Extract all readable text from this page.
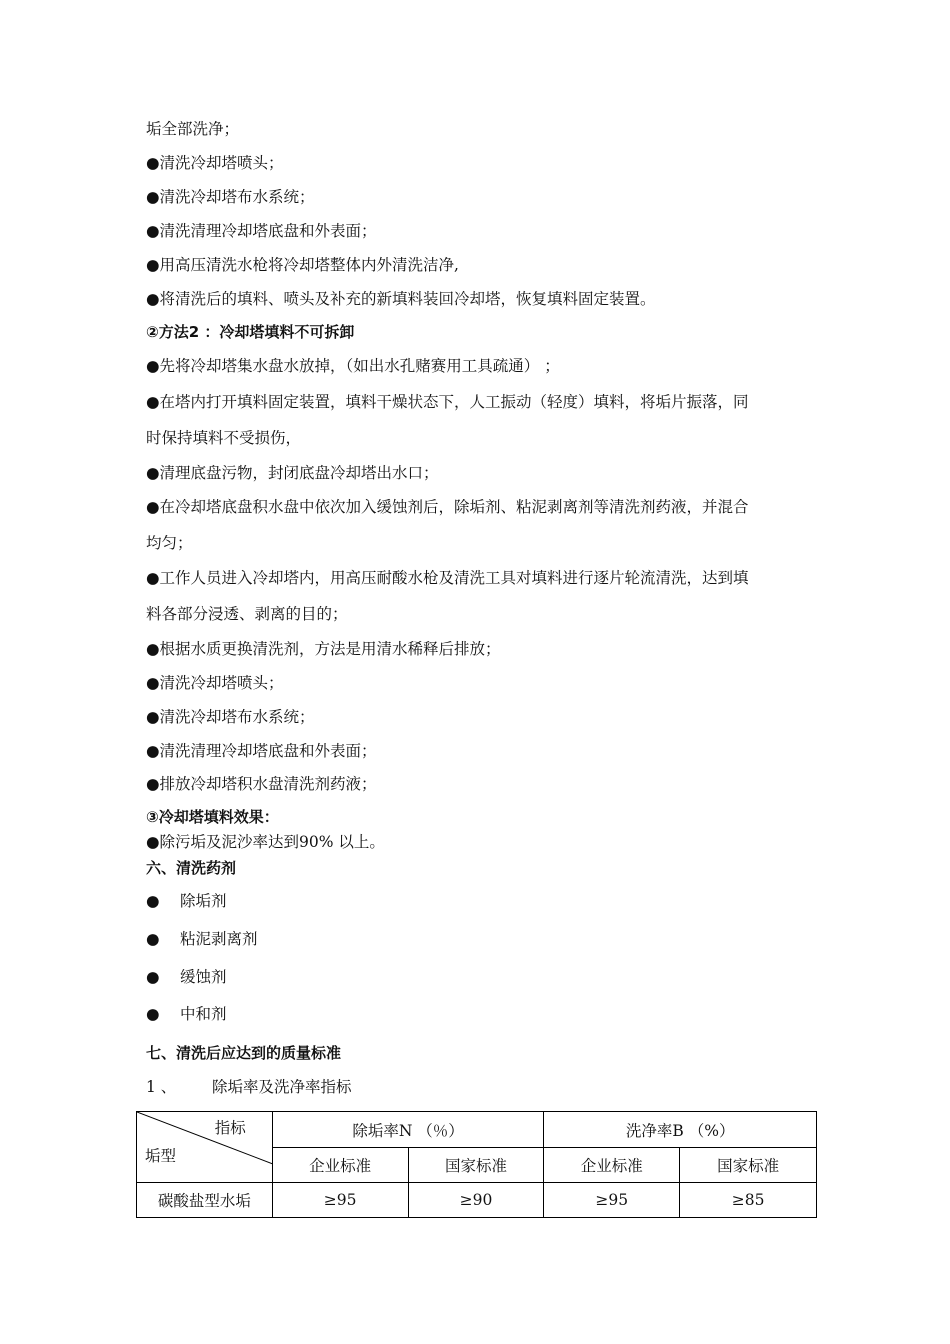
垢全部洗净；
●清洗冷却塔喷头；
●清洗冷却塔布水系统；
●清洗清理冷却塔底盘和外表面；
●用高压清洗水枪将冷却塔整体内外清洗洁净,
●将清洗后的填料、喷头及补充的新填料装回冷却塔，恢复填料固定装置。
②方法2 ：冷却塔填料不可拆卸
●先将冷却塔集水盘水放掉，（如出水孔赌赛用工具疏通） ；
●在塔内打开填料固定装置，填料干燥状态下，人工振动（轻度）填料，将垢片振落，同
时保持填料不受损伤，
●清理底盘污物，封闭底盘冷却塔出水口；
●在冷却塔底盘积水盘中依次加入缓蚀剂后，除垢剂、粘泥剥离剂等清洗剂药液，并混合
均匀；
●工作人员进入冷却塔内，用高压耐酸水枪及清洗工具对填料进行逐片轮流清洗，达到填
料各部分浸透、剥离的目的；
●根据水质更换清洗剂，方法是用清水稀释后排放；
●清洗冷却塔喷头；
●清洗冷却塔布水系统；
●清洗清理冷却塔底盘和外表面；
●排放冷却塔积水盘清洗剂药液；
③冷却塔填料效果：
●除污垢及泥沙率达到90% 以上。
六、清洗药剂
● 除垢剂
● 粘泥剥离剂
● 缓蚀剂
● 中和剂
七、清洗后应达到的质量标准
1 、 除垢率及洗净率指标
指标
垢型	除垢率N （％）		洗净率B （%）	
	企业标准	国家标准	企业标准	国家标准
碳酸盐型水垢	≥95	≥90	≥95	≥85
